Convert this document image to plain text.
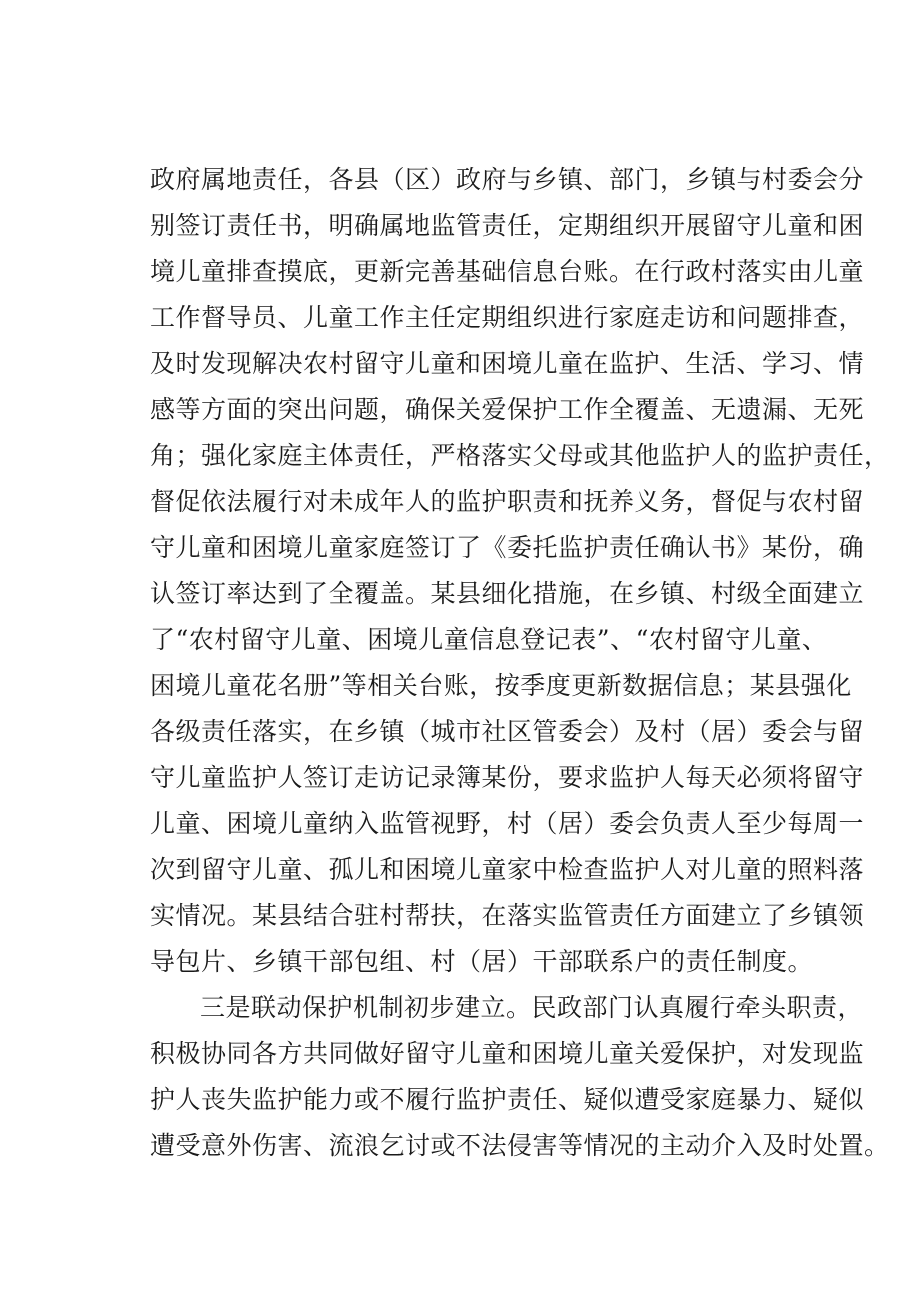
政府属地责任，各县（区）政府与乡镇、部门，乡镇与村委会分
别签订责任书，明确属地监管责任，定期组织开展留守儿童和困
境儿童排查摸底，更新完善基础信息台账。在行政村落实由儿童
工作督导员、儿童工作主任定期组织进行家庭走访和问题排查，
及时发现解决农村留守儿童和困境儿童在监护、生活、学习、情
感等方面的突出问题，确保关爱保护工作全覆盖、无遗漏、无死
角；强化家庭主体责任，严格落实父母或其他监护人的监护责任，
督促依法履行对未成年人的监护职责和抚养义务，督促与农村留
守儿童和困境儿童家庭签订了《委托监护责任确认书》某份，确
认签订率达到了全覆盖。某县细化措施，在乡镇、村级全面建立
了“农村留守儿童、困境儿童信息登记表”、“农村留守儿童、
困境儿童花名册”等相关台账，按季度更新数据信息；某县强化
各级责任落实，在乡镇（城市社区管委会）及村（居）委会与留
守儿童监护人签订走访记录簿某份，要求监护人每天必须将留守
儿童、困境儿童纳入监管视野，村（居）委会负责人至少每周一
次到留守儿童、孤儿和困境儿童家中检查监护人对儿童的照料落
实情况。某县结合驻村帮扶，在落实监管责任方面建立了乡镇领
导包片、乡镇干部包组、村（居）干部联系户的责任制度。
三是联动保护机制初步建立。民政部门认真履行牵头职责，
积极协同各方共同做好留守儿童和困境儿童关爱保护，对发现监
护人丧失监护能力或不履行监护责任、疑似遭受家庭暴力、疑似
遭受意外伤害、流浪乞讨或不法侵害等情况的主动介入及时处置。
